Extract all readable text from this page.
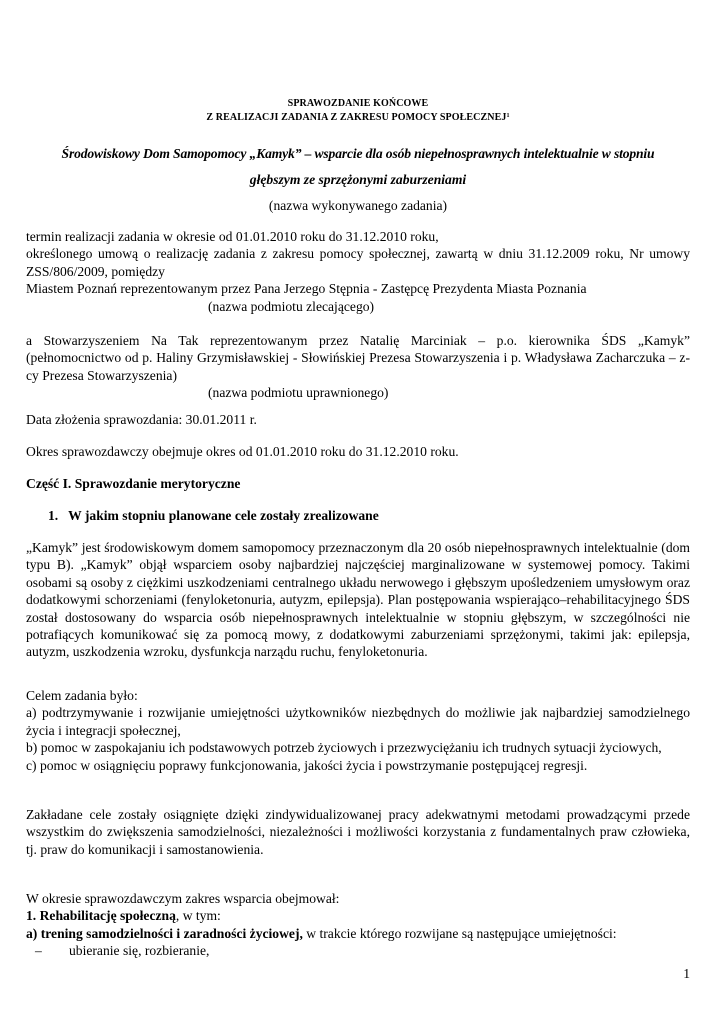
SPRAWOZDANIE KOŃCOWE
Z REALIZACJI ZADANIA Z ZAKRESU POMOCY SPOŁECZNEJ$^1$
Środowiskowy Dom Samopomocy „Kamyk” – wsparcie dla osób niepełnosprawnych intelektualnie w stopniu
głębszym ze sprzężonymi zaburzeniami
(nazwa wykonywanego zadania)

termin realizacji zadania w okresie od 01.01.2010 roku do 31.12.2010 roku,

określonego umową o realizację zadania z zakresu pomocy społecznej, zawartą w dniu 31.12.2009 roku, Nr umowy ZSS/806/2009, pomiędzy

Miastem Poznań reprezentowanym przez Pana Jerzego Stępnia - Zastępcę Prezydenta Miasta Poznania

(nazwa podmiotu zlecającego)

a Stowarzyszeniem Na Tak reprezentowanym przez Natalię Marciniak – p.o. kierownika ŚDS „Kamyk” (pełnomocnictwo od p. Haliny Grzymisławskiej - Słowińskiej Prezesa Stowarzyszenia i p. Władysława Zacharczuka – z-cy Prezesa Stowarzyszenia)

(nazwa podmiotu uprawnionego)

Data złożenia sprawozdania: 30.01.2011 r.

Okres sprawozdawczy obejmuje okres od 01.01.2010 roku do 31.12.2010 roku.

Część I. Sprawozdanie merytoryczne

1.   W jakim stopniu planowane cele zostały zrealizowane

„Kamyk” jest środowiskowym domem samopomocy przeznaczonym dla 20 osób niepełnosprawnych intelektualnie (dom typu B). „Kamyk” objął wsparciem osoby najbardziej najczęściej marginalizowane w systemowej pomocy. Takimi osobami są osoby z ciężkimi uszkodzeniami centralnego układu nerwowego i głębszym upośledzeniem umysłowym oraz dodatkowymi schorzeniami (fenyloketonuria, autyzm, epilepsja). Plan postępowania wspierająco–rehabilitacyjnego ŚDS został dostosowany do wsparcia osób niepełnosprawnych intelektualnie w stopniu głębszym, w szczególności nie potrafiących komunikować się za pomocą mowy, z dodatkowymi zaburzeniami sprzężonymi, takimi jak: epilepsja, autyzm, uszkodzenia wzroku, dysfunkcja narządu ruchu, fenyloketonuria.

Celem zadania było:

a) podtrzymywanie i rozwijanie umiejętności użytkowników niezbędnych do możliwie jak najbardziej samodzielnego życia i integracji społecznej,

b) pomoc w zaspokajaniu ich podstawowych potrzeb życiowych i przezwyciężaniu ich trudnych sytuacji życiowych,

c) pomoc w osiągnięciu poprawy funkcjonowania, jakości życia i powstrzymanie postępującej regresji.

Zakładane cele zostały osiągnięte dzięki zindywidualizowanej pracy adekwatnymi metodami prowadzącymi przede wszystkim do zwiększenia samodzielności, niezależności i możliwości korzystania z fundamentalnych praw człowieka, tj. praw do komunikacji i samostanowienia.

W okresie sprawozdawczym zakres wsparcia obejmował:

1. Rehabilitację społeczną, w tym:

a) trening samodzielności i zaradności życiowej, w trakcie którego rozwijane są następujące umiejętności:

– ubieranie się, rozbieranie,

1
